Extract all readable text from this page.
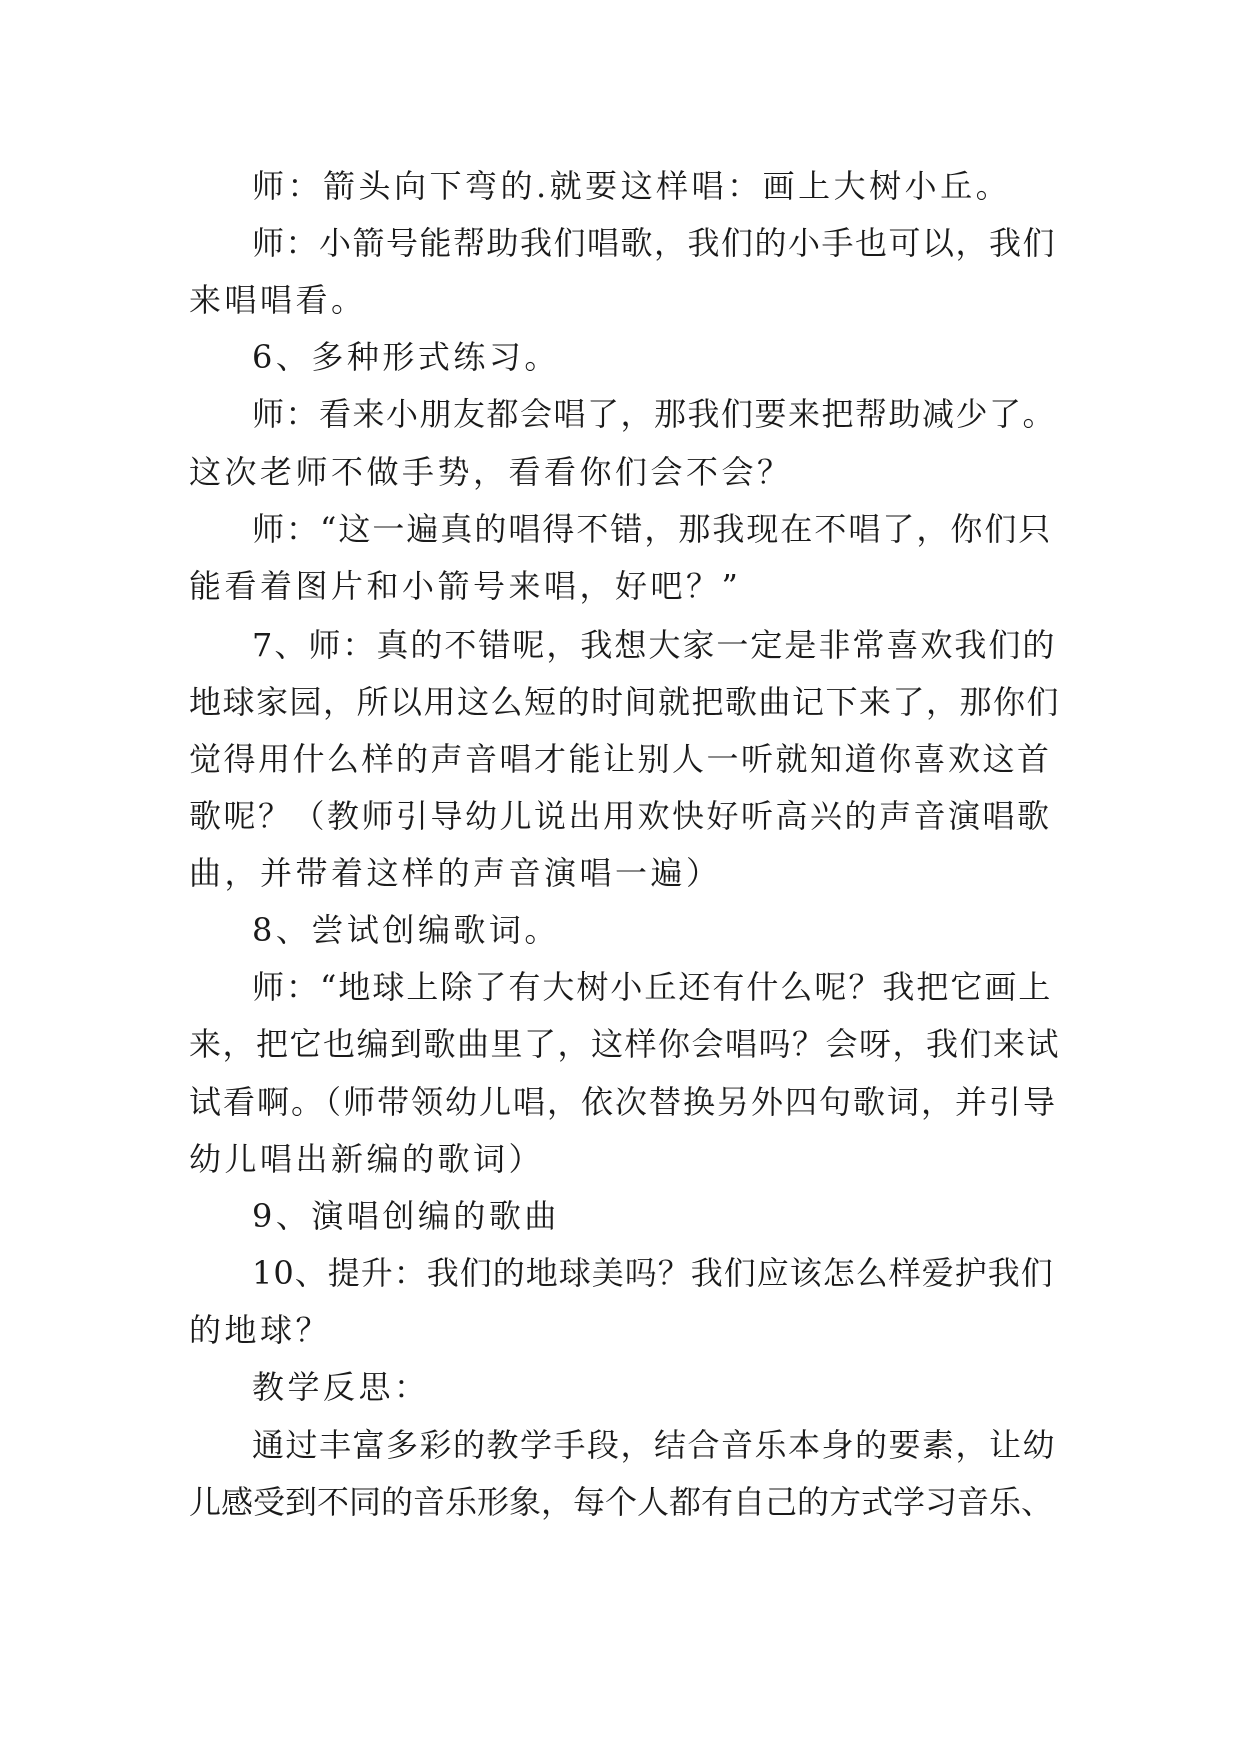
师：箭头向下弯的.就要这样唱：画上大树小丘。
师：小箭号能帮助我们唱歌，我们的小手也可以，我们
来唱唱看。
6、多种形式练习。
师：看来小朋友都会唱了，那我们要来把帮助减少了。
这次老师不做手势，看看你们会不会？
师：“这一遍真的唱得不错，那我现在不唱了，你们只
能看着图片和小箭号来唱，好吧？”
7、师：真的不错呢，我想大家一定是非常喜欢我们的
地球家园，所以用这么短的时间就把歌曲记下来了，那你们
觉得用什么样的声音唱才能让别人一听就知道你喜欢这首
歌呢？（教师引导幼儿说出用欢快好听高兴的声音演唱歌
曲，并带着这样的声音演唱一遍）
8、尝试创编歌词。
师：“地球上除了有大树小丘还有什么呢？我把它画上
来，把它也编到歌曲里了，这样你会唱吗？会呀，我们来试
试看啊。（师带领幼儿唱，依次替换另外四句歌词，并引导
幼儿唱出新编的歌词）
9、演唱创编的歌曲
10、提升：我们的地球美吗？我们应该怎么样爱护我们
的地球？
教学反思：
通过丰富多彩的教学手段，结合音乐本身的要素，让幼
儿感受到不同的音乐形象，每个人都有自己的方式学习音乐、
